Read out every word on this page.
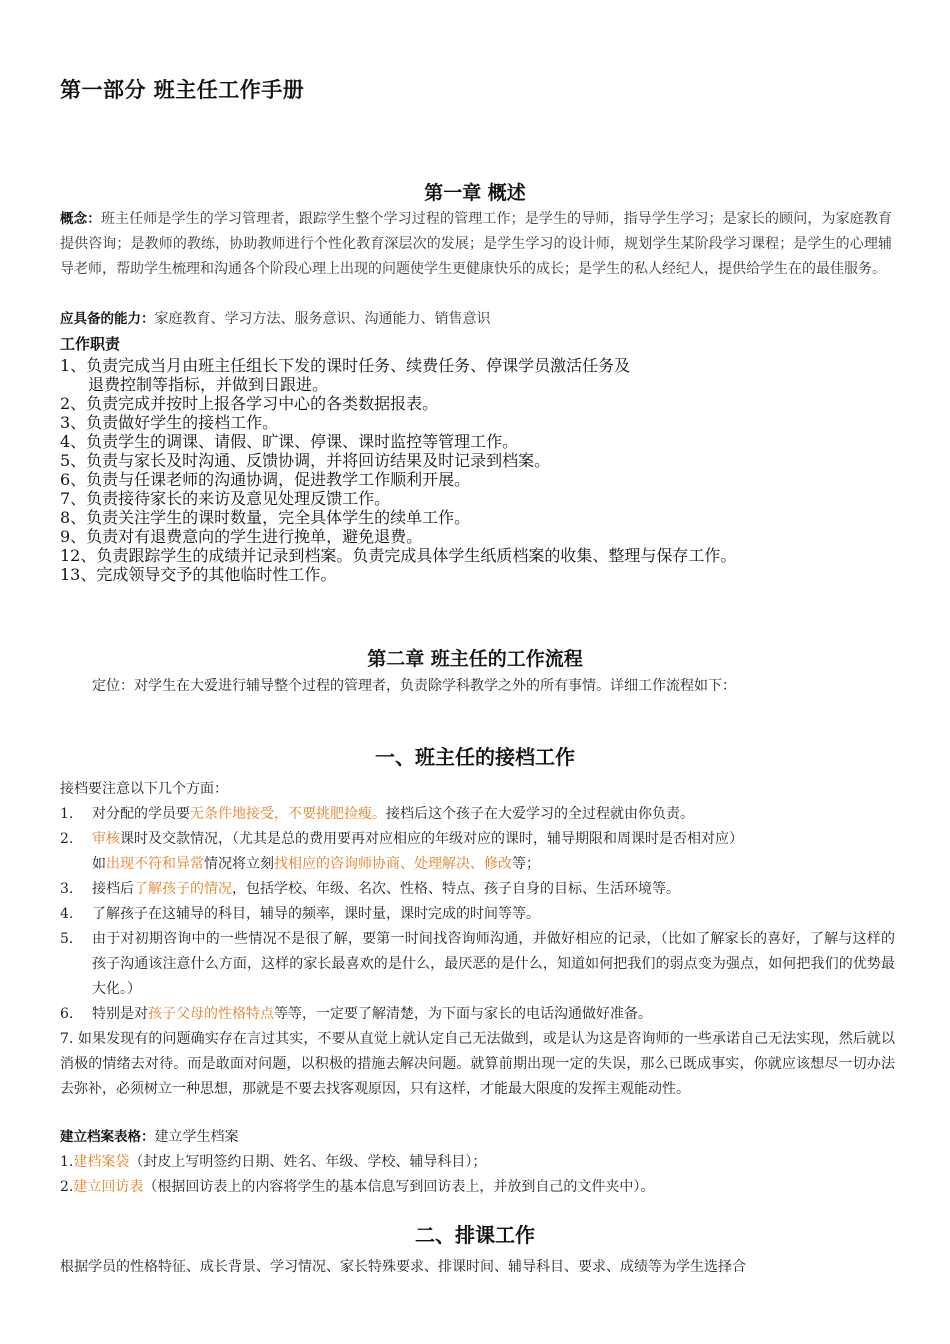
第一部分 班主任工作手册
第一章 概述

概念：班主任师是学生的学习管理者，跟踪学生整个学习过程的管理工作；是学生的导师，指导学生学习；是家长的顾问，为家庭教育提供咨询；是教师的教练，协助教师进行个性化教育深层次的发展；是学生学习的设计师，规划学生某阶段学习课程；是学生的心理辅导老师，帮助学生梳理和沟通各个阶段心理上出现的问题使学生更健康快乐的成长；是学生的私人经纪人，提供给学生在的最佳服务。

应具备的能力：家庭教育、学习方法、服务意识、沟通能力、销售意识

工作职责
1、负责完成当月由班主任组长下发的课时任务、续费任务、停课学员激活任务及
退费控制等指标，并做到日跟进。
2、负责完成并按时上报各学习中心的各类数据报表。
3、负责做好学生的接档工作。
4、负责学生的调课、请假、旷课、停课、课时监控等管理工作。
5、负责与家长及时沟通、反馈协调，并将回访结果及时记录到档案。
6、负责与任课老师的沟通协调，促进教学工作顺利开展。
7、负责接待家长的来访及意见处理反馈工作。
8、负责关注学生的课时数量，完全具体学生的续单工作。
9、负责对有退费意向的学生进行挽单，避免退费。
12、负责跟踪学生的成绩并记录到档案。负责完成具体学生纸质档案的收集、整理与保存工作。
13、完成领导交予的其他临时性工作。
第二章 班主任的工作流程

定位：对学生在大爱进行辅导整个过程的管理者，负责除学科教学之外的所有事情。详细工作流程如下：

一、班主任的接档工作
接档要注意以下几个方面：
1. 对分配的学员要无条件地接受，不要挑肥捡瘦。接档后这个孩子在大爱学习的全过程就由你负责。
2. 审核课时及交款情况，（尤其是总的费用要再对应相应的年级对应的课时，辅导期限和周课时是否相对应）
如出现不符和异常情况将立刻找相应的咨询师协商、处理解决、修改等；
3. 接档后了解孩子的情况，包括学校、年级、名次、性格、特点、孩子自身的目标、生活环境等。
4. 了解孩子在这辅导的科目，辅导的频率，课时量，课时完成的时间等等。
5. 由于对初期咨询中的一些情况不是很了解，要第一时间找咨询师沟通，并做好相应的记录，（比如了解家长的喜好，了解与这样的孩子沟通该注意什么方面，这样的家长最喜欢的是什么，最厌恶的是什么，知道如何把我们的弱点变为强点，如何把我们的优势最大化。）
6. 特别是对孩子父母的性格特点等等，一定要了解清楚，为下面与家长的电话沟通做好准备。
7. 如果发现有的问题确实存在言过其实，不要从直觉上就认定自己无法做到，或是认为这是咨询师的一些承诺自己无法实现，然后就以消极的情绪去对待。而是敢面对问题，以积极的措施去解决问题。就算前期出现一定的失误，那么已既成事实，你就应该想尽一切办法去弥补，必须树立一种思想，那就是不要去找客观原因，只有这样，才能最大限度的发挥主观能动性。
建立档案表格：建立学生档案
1.建档案袋（封皮上写明签约日期、姓名、年级、学校、辅导科目）；
2.建立回访表（根据回访表上的内容将学生的基本信息写到回访表上，并放到自己的文件夹中）。
二、排课工作

根据学员的性格特征、成长背景、学习情况、家长特殊要求、排课时间、辅导科目、要求、成绩等为学生选择合
